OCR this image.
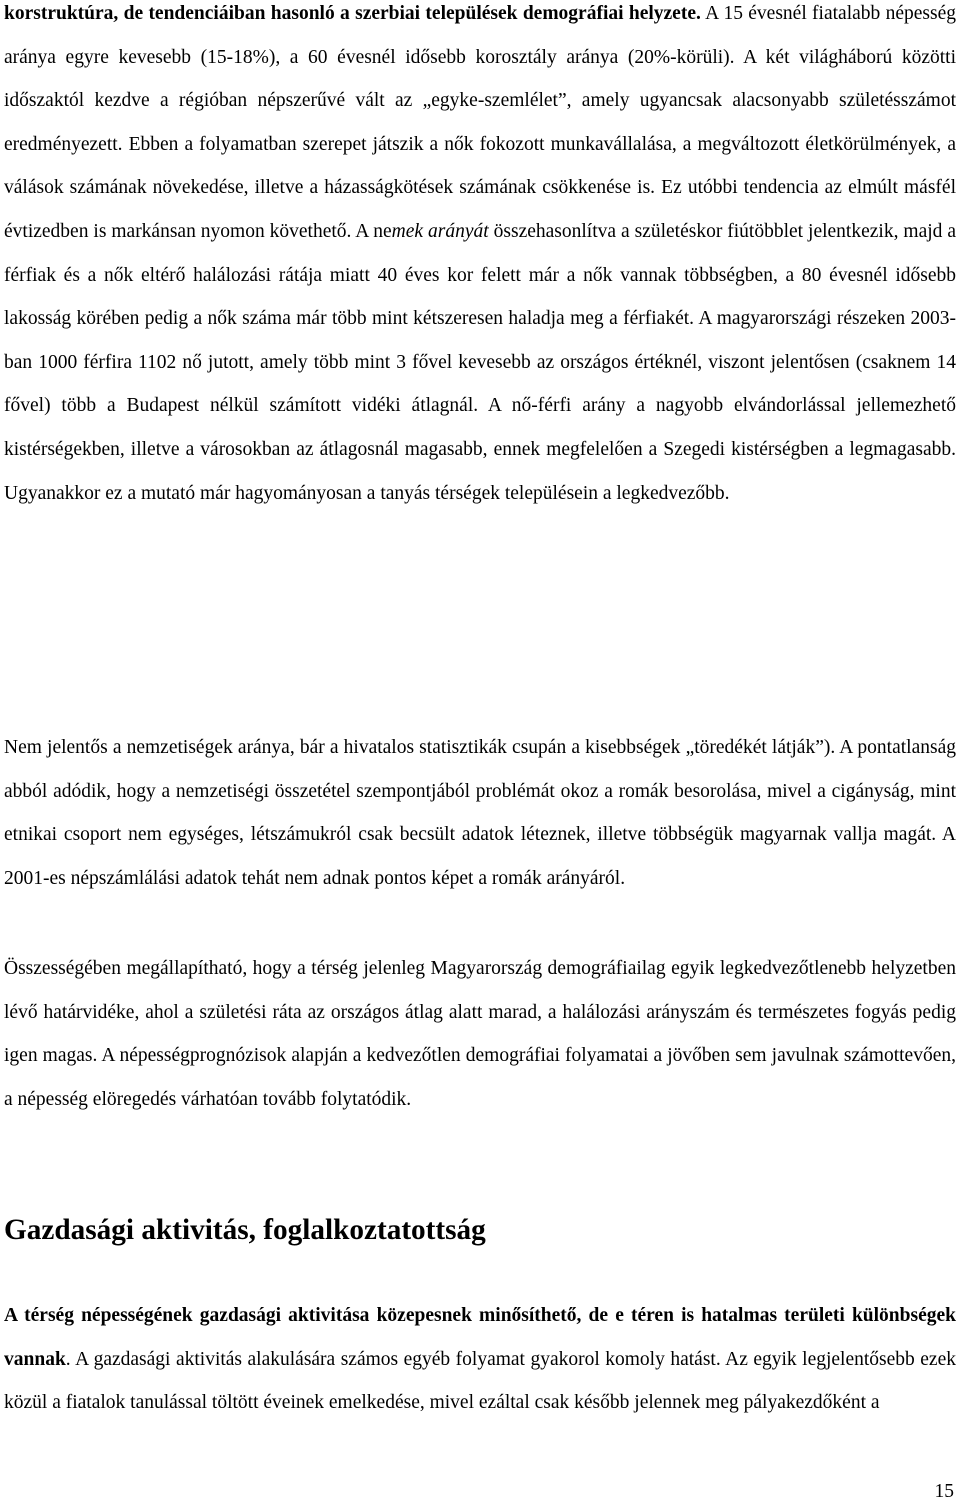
korstruktúra, de tendenciáiban hasonló a szerbiai települések demográfiai helyzete. A 15 évesnél fiatalabb népesség aránya egyre kevesebb (15-18%), a 60 évesnél idősebb korosztály aránya (20%-körüli). A két világháború közötti időszaktól kezdve a régióban népszerűvé vált az „egyke-szemlélet”, amely ugyancsak alacsonyabb születésszámot eredményezett. Ebben a folyamatban szerepet játszik a nők fokozott munkavállalása, a megváltozott életkörülmények, a válások számának növekedése, illetve a házasságkötések számának csökkenése is. Ez utóbbi tendencia az elmúlt másfél évtizedben is markánsan nyomon követhető. A nemek arányát összehasonlítva a születéskor fiútöbblet jelentkezik, majd a férfiak és a nők eltérő halálozási rátája miatt 40 éves kor felett már a nők vannak többségben, a 80 évesnél idősebb lakosság körében pedig a nők száma már több mint kétszeresen haladja meg a férfiakét. A magyarországi részeken 2003-ban 1000 férfira 1102 nő jutott, amely több mint 3 fővel kevesebb az országos értéknél, viszont jelentősen (csaknem 14 fővel) több a Budapest nélkül számított vidéki átlagnál. A nő-férfi arány a nagyobb elvándorlással jellemezhető kistérségekben, illetve a városokban az átlagosnál magasabb, ennek megfelelően a Szegedi kistérségben a legmagasabb. Ugyanakkor ez a mutató már hagyományosan a tanyás térségek településein a legkedvezőbb.

Nem jelentős a nemzetiségek aránya, bár a hivatalos statisztikák csupán a kisebbségek „töredékét látják”). A pontatlanság abból adódik, hogy a nemzetiségi összetétel szempontjából problémát okoz a romák besorolása, mivel a cigányság, mint etnikai csoport nem egységes, létszámukról csak becsült adatok léteznek, illetve többségük magyarnak vallja magát. A 2001-es népszámlálási adatok tehát nem adnak pontos képet a romák arányáról.

Összességében megállapítható, hogy a térség jelenleg Magyarország demográfiailag egyik legkedvezőtlenebb helyzetben lévő határvidéke, ahol a születési ráta az országos átlag alatt marad, a halálozási arányszám és természetes fogyás pedig igen magas. A népességprognózisok alapján a kedvezőtlen demográfiai folyamatai a jövőben sem javulnak számottevően, a népesség elöregedés várhatóan tovább folytatódik.

Gazdasági aktivitás, foglalkoztatottság

A térség népességének gazdasági aktivitása közepesnek minősíthető, de e téren is hatalmas területi különbségek vannak. A gazdasági aktivitás alakulására számos egyéb folyamat gyakorol komoly hatást. Az egyik legjelentősebb ezek közül a fiatalok tanulással töltött éveinek emelkedése, mivel ezáltal csak később jelennek meg pályakezdőként a

15
